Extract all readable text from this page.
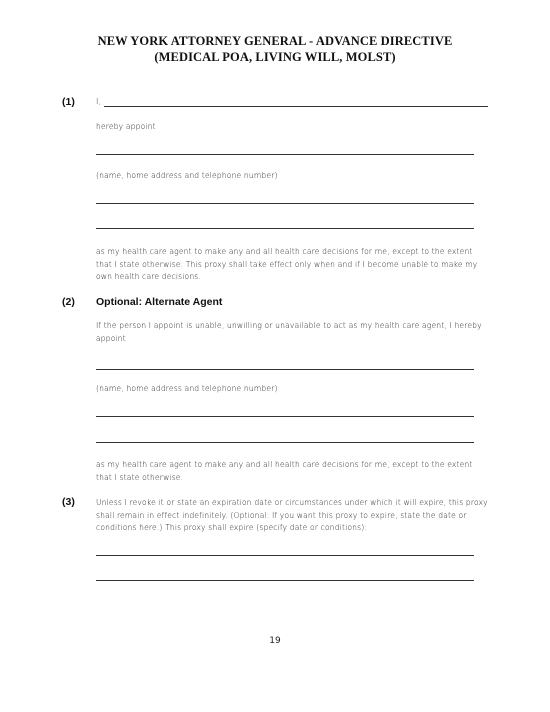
NEW YORK ATTORNEY GENERAL - ADVANCE DIRECTIVE
(MEDICAL POA, LIVING WILL, MOLST)
(1)	I,
hereby appoint
(name, home address and telephone number)
as my health care agent to make any and all health care decisions for me, except to the extent that I state otherwise. This proxy shall take effect only when and if I become unable to make my own health care decisions.
(2) Optional: Alternate Agent
If the person I appoint is unable, unwilling or unavailable to act as my health care agent, I hereby appoint
(name, home address and telephone number)
as my health care agent to make any and all health care decisions for me, except to the extent that I state otherwise.
(3)	Unless I revoke it or state an expiration date or circumstances under which it will expire, this proxy shall remain in effect indefinitely. (Optional: If you want this proxy to expire, state the date or conditions here.) This proxy shall expire (specify date or conditions):
19
